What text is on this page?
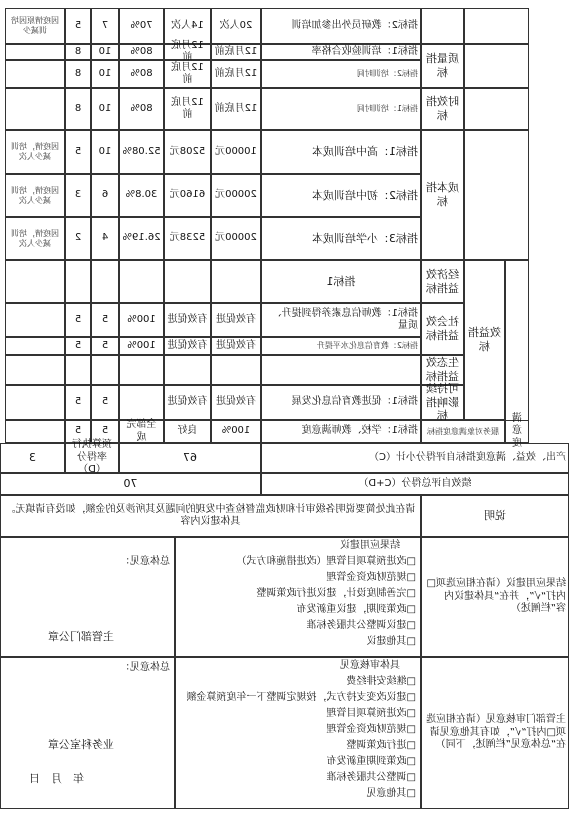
指标2：教研员外出参加培训
20人次
14人次
70%
7
5
因疫情原因培训减少
质量指标
指标1：培训验收合格率
12月底前
12月底前
80%
10
8
指标2：培训时间
12月底前
12月底前
80%
10
8
时效指标
指标1：培训时间
12月底前
12月底前
80%
10
8
成本指标
指标1：高中培训成本
10000元
5208元
52.08%
10
5
因疫情，培训减少人次
指标2：初中培训成本
20000元
6160元
30.8%
6
3
因疫情，培训减少人次
指标3：小学培训成本
20000元
5238元
26.19%
4
2
因疫情，培训减少人次
效益指标
经济效益指标
指标1
社会效益指标
指标1：教师信息素养得到提升、质量
有效促进
有效促进
100%
5
5
指标2：教育信息化水平提升
有效促进
有效促进
100%
5
5
生态效益指标
可持续影响指标
指标1：促进教育信息化发展
有效促进
有效促进
5
5
满意度
服务对象满意度指标
指标1：学校、教师满意度
100%
良好
全部完成
5
5
产出、效益、满意度指标自评得分小计（C）
67
预算执行率得分（D）
3
绩效自评总得分（C+D）
70
说明
请在此处简要说明各级审计和财政监督检查中发现的问题及其所涉及的金额，如没有请填无。具体建议内容
结果应用建议（请在相应选项□内打“√”，并在“具体建议内容”栏阐述）
结果应用建议
□改进预算项目管理（改进措施和方式）
□规范财政资金管理
□完善制度设计，建议进行政策调整
□政策到期，建议重新发布
□建议调整公共服务标准
□其他建议
总体意见：
主管部门公章
主管部门审核意见（请在相应选项□内打“√”，如有其他意见请在“总体意见”栏阐述，下同）
具体审核意见
□继续安排经费
□建议改变支持方式，按规定调整下一年度预算金额
□改进预算项目管理
□规范财政资金管理
□进行政策调整
□政策到期重新发布
□调整公共服务标准
□其他意见
总体意见：
业务科室公章
年　月　日
